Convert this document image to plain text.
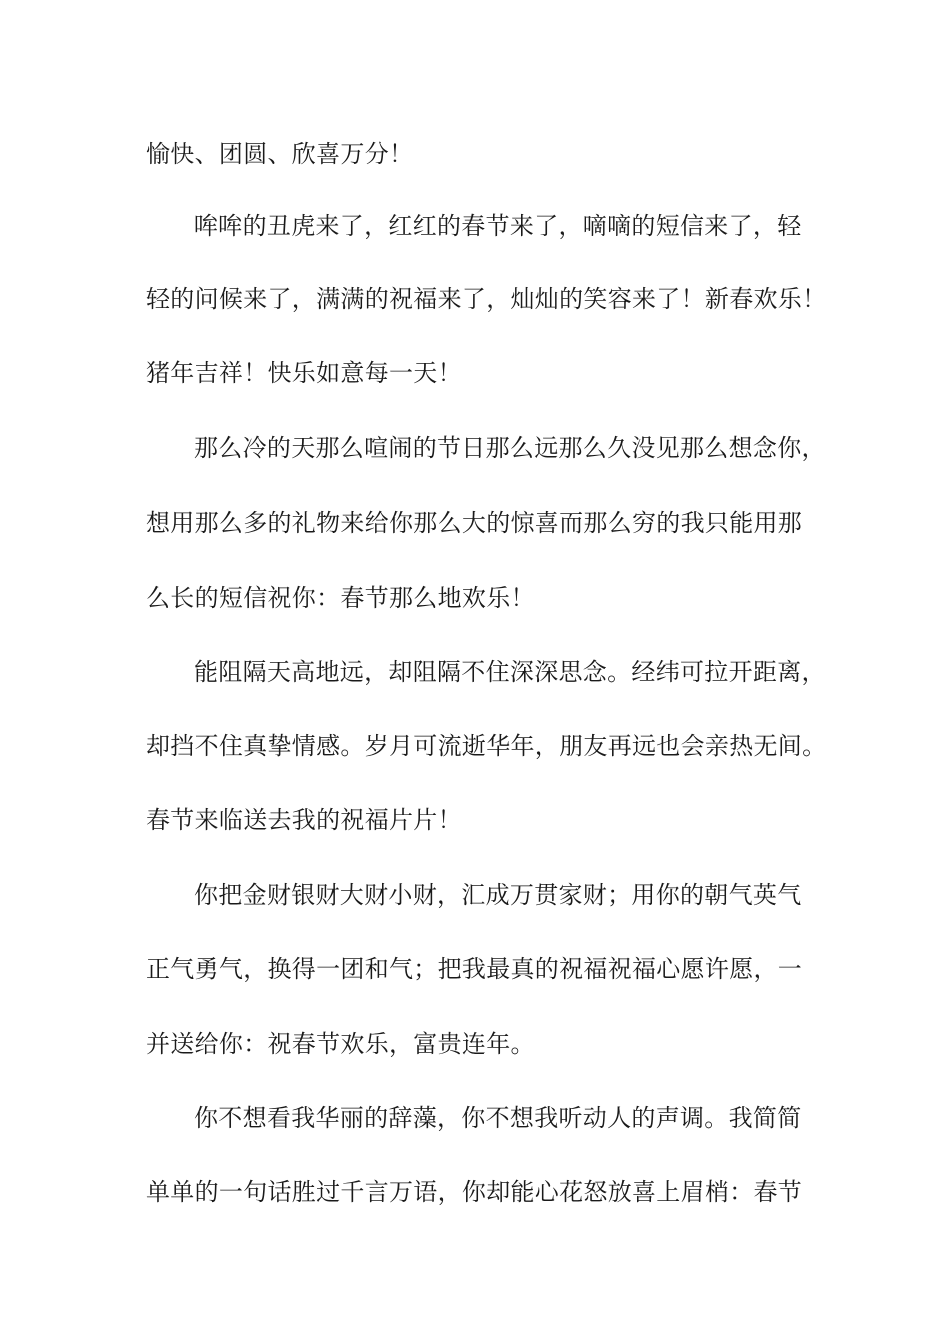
愉快、团圆、欣喜万分！
哞哞的丑虎来了，红红的春节来了，嘀嘀的短信来了，轻
轻的问候来了，满满的祝福来了，灿灿的笑容来了！新春欢乐！
猪年吉祥！快乐如意每一天！
那么冷的天那么喧闹的节日那么远那么久没见那么想念你，
想用那么多的礼物来给你那么大的惊喜而那么穷的我只能用那
么长的短信祝你：春节那么地欢乐！
能阻隔天高地远，却阻隔不住深深思念。经纬可拉开距离，
却挡不住真挚情感。岁月可流逝华年，朋友再远也会亲热无间。
春节来临送去我的祝福片片！
你把金财银财大财小财，汇成万贯家财；用你的朝气英气
正气勇气，换得一团和气；把我最真的祝福祝福心愿许愿，一
并送给你：祝春节欢乐，富贵连年。
你不想看我华丽的辞藻，你不想我听动人的声调。我简简
单单的一句话胜过千言万语，你却能心花怒放喜上眉梢：春节
